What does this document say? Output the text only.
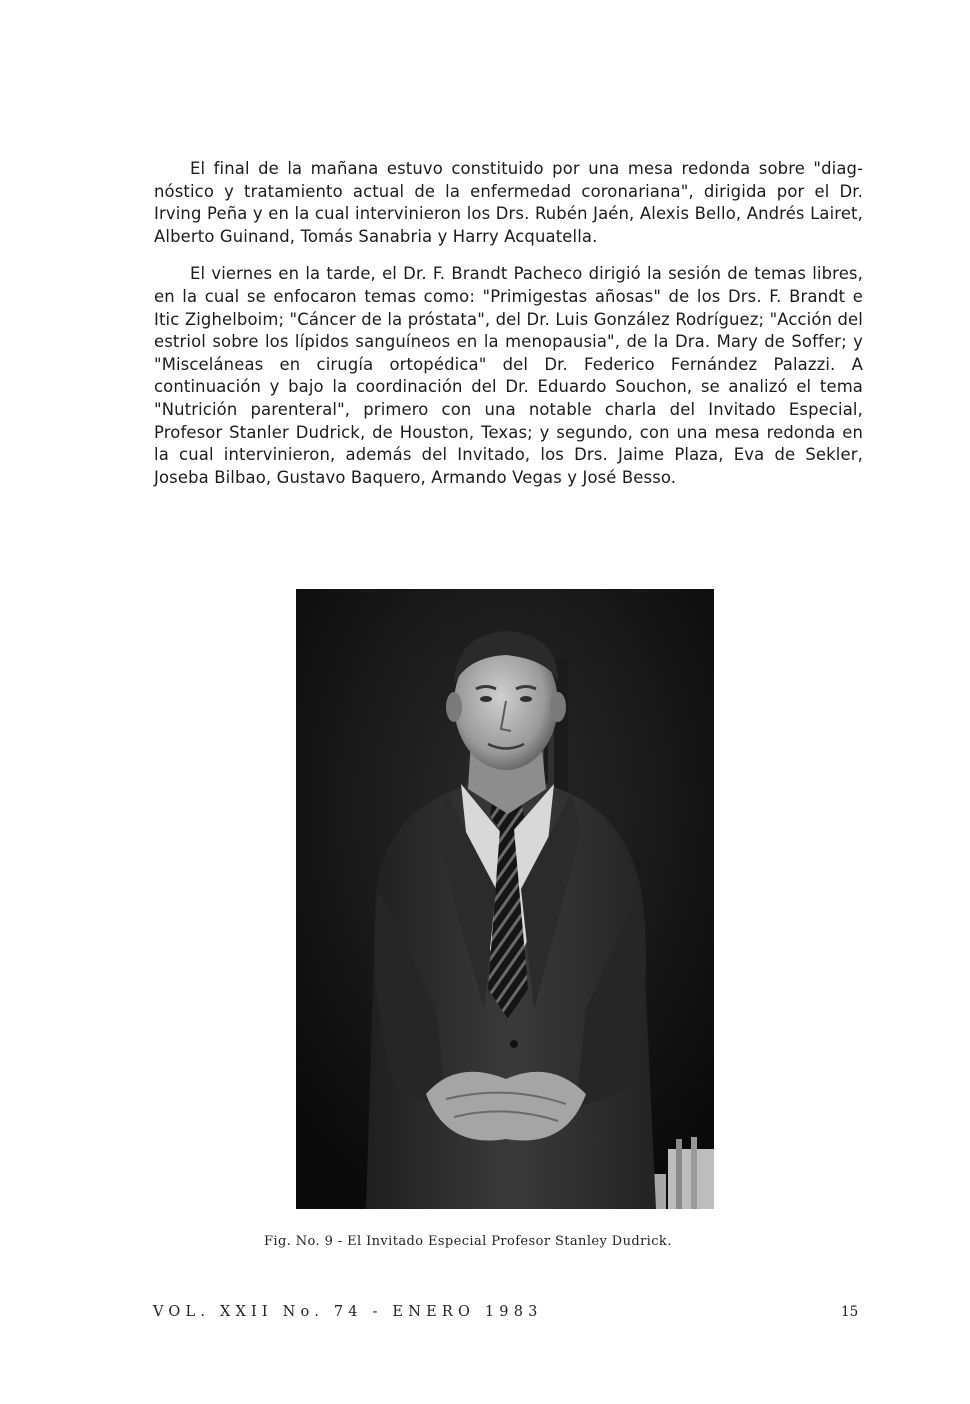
El final de la mañana estuvo constituido por una mesa redonda sobre "diagnóstico y tratamiento actual de la enfermedad coronariana", dirigida por el Dr. Irving Peña y en la cual intervinieron los Drs. Rubén Jaén, Alexis Bello, Andrés Lairet, Alberto Guinand, Tomás Sanabria y Harry Acquatella.

El viernes en la tarde, el Dr. F. Brandt Pacheco dirigió la sesión de temas libres, en la cual se enfocaron temas como: "Primigestas añosas" de los Drs. F. Brandt e Itic Zighelboim; "Cáncer de la próstata", del Dr. Luis González Rodríguez; "Acción del estriol sobre los lípidos sanguíneos en la menopausia", de la Dra. Mary de Soffer; y "Misceláneas en cirugía ortopédica" del Dr. Federico Fernández Palazzi. A continuación y bajo la coordinación del Dr. Eduardo Souchon, se analizó el tema "Nutrición parenteral", primero con una notable charla del Invitado Especial, Profesor Stanler Dudrick, de Houston, Texas; y segundo, con una mesa redonda en la cual intervinieron, además del Invitado, los Drs. Jaime Plaza, Eva de Sekler, Joseba Bilbao, Gustavo Baquero, Armando Vegas y José Besso.

Fig. No. 9 - El Invitado Especial Profesor Stanley Dudrick.
VOL. XXII No. 74 - ENERO 1983	15
